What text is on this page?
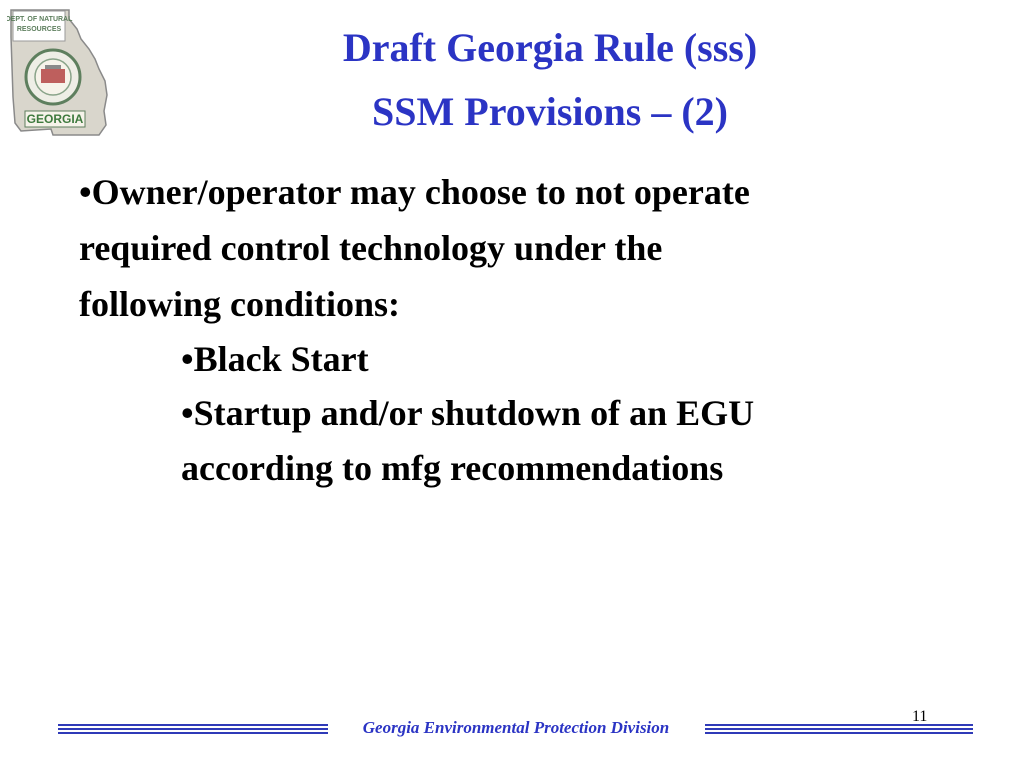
DEPT. OF NATURAL
RESOURCES
GEORGIA
Draft Georgia Rule (sss)
SSM Provisions – (2)
•Owner/operator may choose to not operate
required control technology under the
following conditions:
•Black Start
•Startup and/or shutdown of an EGU
according to mfg recommendations
Georgia Environmental Protection Division
11
